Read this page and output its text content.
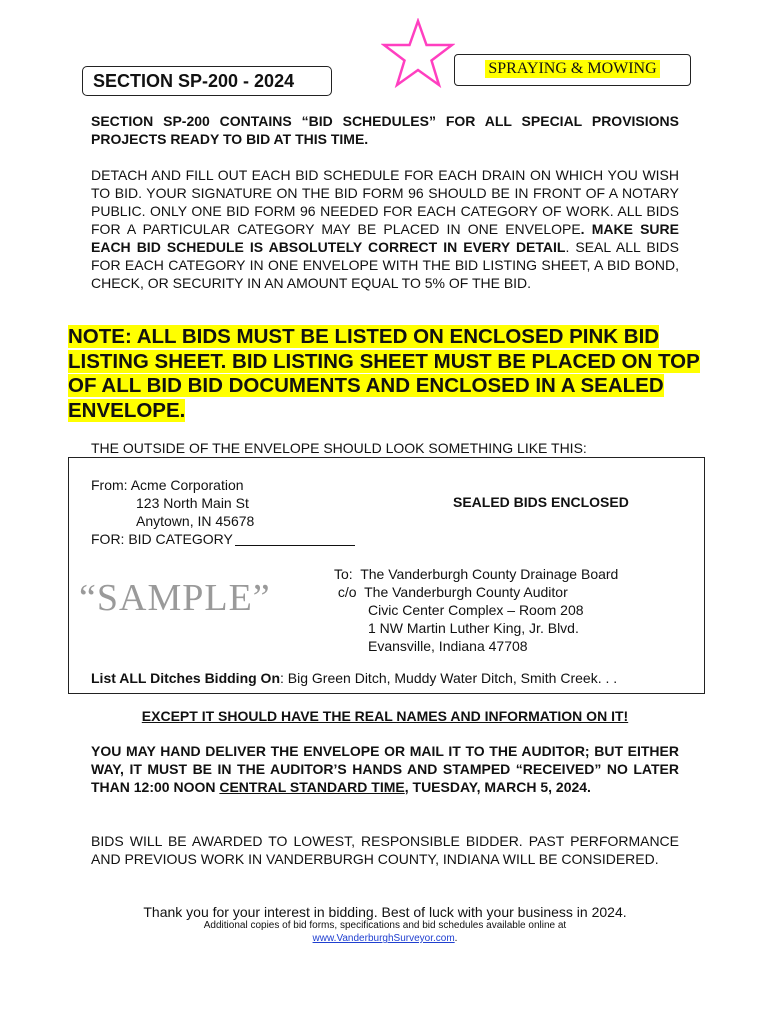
SECTION SP-200 - 2024
SPRAYING & MOWING
SECTION SP-200 CONTAINS “BID SCHEDULES” FOR ALL SPECIAL PROVISIONS PROJECTS READY TO BID AT THIS TIME.
DETACH AND FILL OUT EACH BID SCHEDULE FOR EACH DRAIN ON WHICH YOU WISH TO BID. YOUR SIGNATURE ON THE BID FORM 96 SHOULD BE IN FRONT OF A NOTARY PUBLIC. ONLY ONE BID FORM 96 NEEDED FOR EACH CATEGORY OF WORK. ALL BIDS FOR A PARTICULAR CATEGORY MAY BE PLACED IN ONE ENVELOPE. MAKE SURE EACH BID SCHEDULE IS ABSOLUTELY CORRECT IN EVERY DETAIL. SEAL ALL BIDS FOR EACH CATEGORY IN ONE ENVELOPE WITH THE BID LISTING SHEET, A BID BOND, CHECK, OR SECURITY IN AN AMOUNT EQUAL TO 5% OF THE BID.
NOTE: ALL BIDS MUST BE LISTED ON ENCLOSED PINK BID LISTING SHEET. BID LISTING SHEET MUST BE PLACED ON TOP OF ALL BID BID DOCUMENTS AND ENCLOSED IN A SEALED ENVELOPE.
THE OUTSIDE OF THE ENVELOPE SHOULD LOOK SOMETHING LIKE THIS:
From: Acme Corporation
123 North Main St
Anytown, IN 45678
FOR: BID CATEGORY
SEALED BIDS ENCLOSED
“SAMPLE”
To: The Vanderburgh County Drainage Board
c/o The Vanderburgh County Auditor
Civic Center Complex – Room 208
1 NW Martin Luther King, Jr. Blvd.
Evansville, Indiana 47708
List ALL Ditches Bidding On: Big Green Ditch, Muddy Water Ditch, Smith Creek. . .
EXCEPT IT SHOULD HAVE THE REAL NAMES AND INFORMATION ON IT!
YOU MAY HAND DELIVER THE ENVELOPE OR MAIL IT TO THE AUDITOR; BUT EITHER WAY, IT MUST BE IN THE AUDITOR’S HANDS AND STAMPED “RECEIVED” NO LATER THAN 12:00 NOON CENTRAL STANDARD TIME, TUESDAY, MARCH 5, 2024.
BIDS WILL BE AWARDED TO LOWEST, RESPONSIBLE BIDDER. PAST PERFORMANCE AND PREVIOUS WORK IN VANDERBURGH COUNTY, INDIANA WILL BE CONSIDERED.
Thank you for your interest in bidding. Best of luck with your business in 2024.
Additional copies of bid forms, specifications and bid schedules available online at
www.VanderburghSurveyor.com.
